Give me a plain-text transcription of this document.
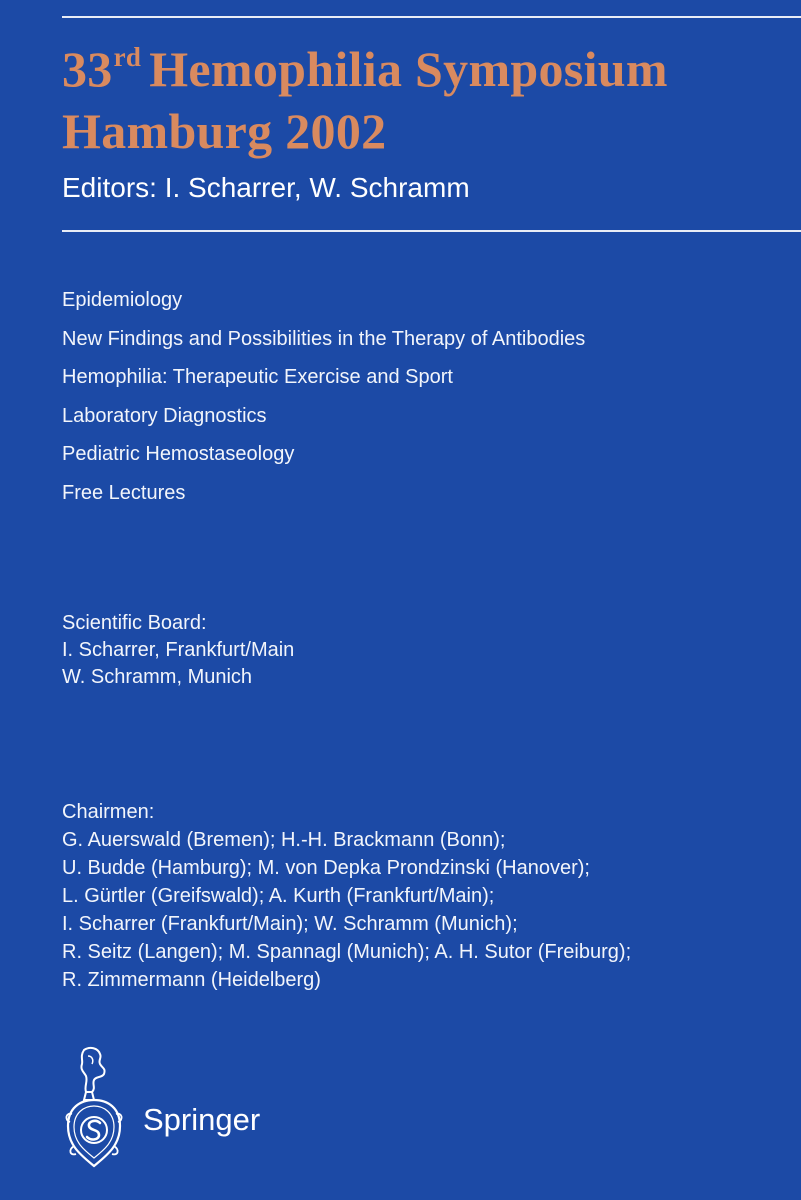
33rd Hemophilia Symposium
Hamburg 2002
Editors: I. Scharrer, W. Schramm
Epidemiology
New Findings and Possibilities in the Therapy of Antibodies
Hemophilia: Therapeutic Exercise and Sport
Laboratory Diagnostics
Pediatric Hemostaseology
Free Lectures
Scientific Board:
I. Scharrer, Frankfurt/Main
W. Schramm, Munich
Chairmen:
G. Auerswald (Bremen); H.-H. Brackmann (Bonn);
U. Budde (Hamburg); M. von Depka Prondzinski (Hanover);
L. Gürtler (Greifswald); A. Kurth (Frankfurt/Main);
I. Scharrer (Frankfurt/Main); W. Schramm (Munich);
R. Seitz (Langen); M. Spannagl (Munich); A. H. Sutor (Freiburg);
R. Zimmermann (Heidelberg)
Springer
